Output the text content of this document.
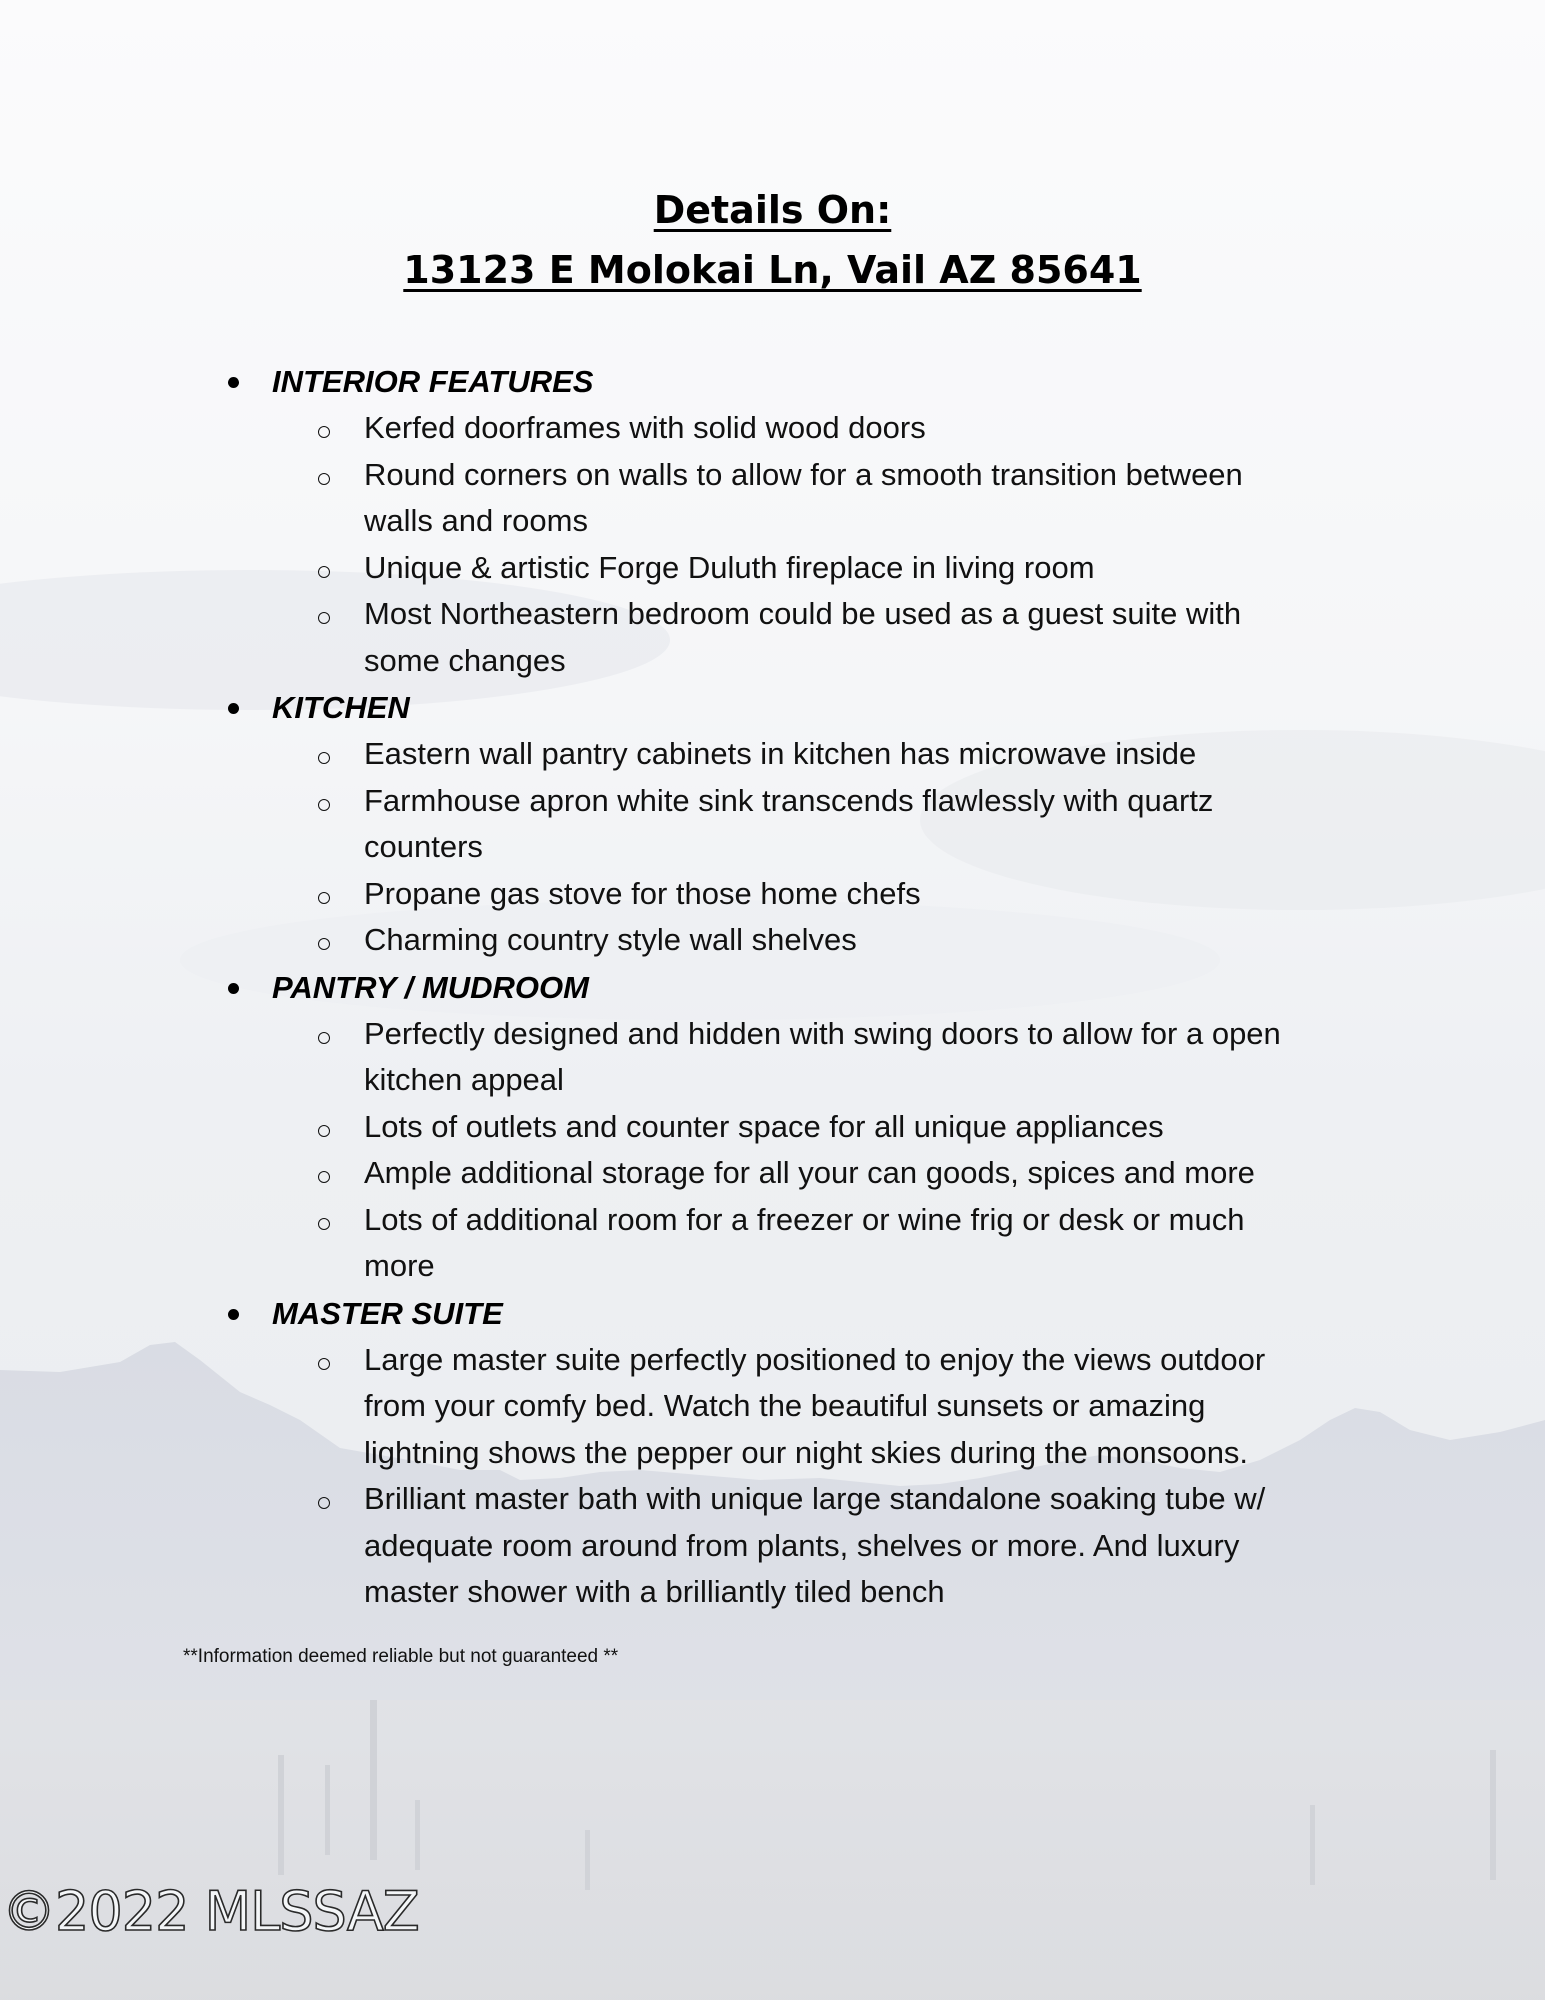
Details On:
13123 E Molokai Ln, Vail AZ 85641
INTERIOR FEATURES
Kerfed doorframes with solid wood doors
Round corners on walls to allow for a smooth transition between walls and rooms
Unique & artistic Forge Duluth fireplace in living room
Most Northeastern bedroom could be used as a guest suite with some changes
KITCHEN
Eastern wall pantry cabinets in kitchen has microwave inside
Farmhouse apron white sink transcends flawlessly with quartz counters
Propane gas stove for those home chefs
Charming country style wall shelves
PANTRY / MUDROOM
Perfectly designed and hidden with swing doors to allow for a open kitchen appeal
Lots of outlets and counter space for all unique appliances
Ample additional storage for all your can goods, spices and more
Lots of additional room for a freezer or wine frig or desk or much more
MASTER SUITE
Large master suite perfectly positioned to enjoy the views outdoor from your comfy bed. Watch the beautiful sunsets or amazing lightning shows the pepper our night skies during the monsoons.
Brilliant master bath with unique large standalone soaking tube w/ adequate room around from plants, shelves or more. And luxury master shower with a brilliantly tiled bench
**Information deemed reliable but not guaranteed **
©2022 MLSSAZ
